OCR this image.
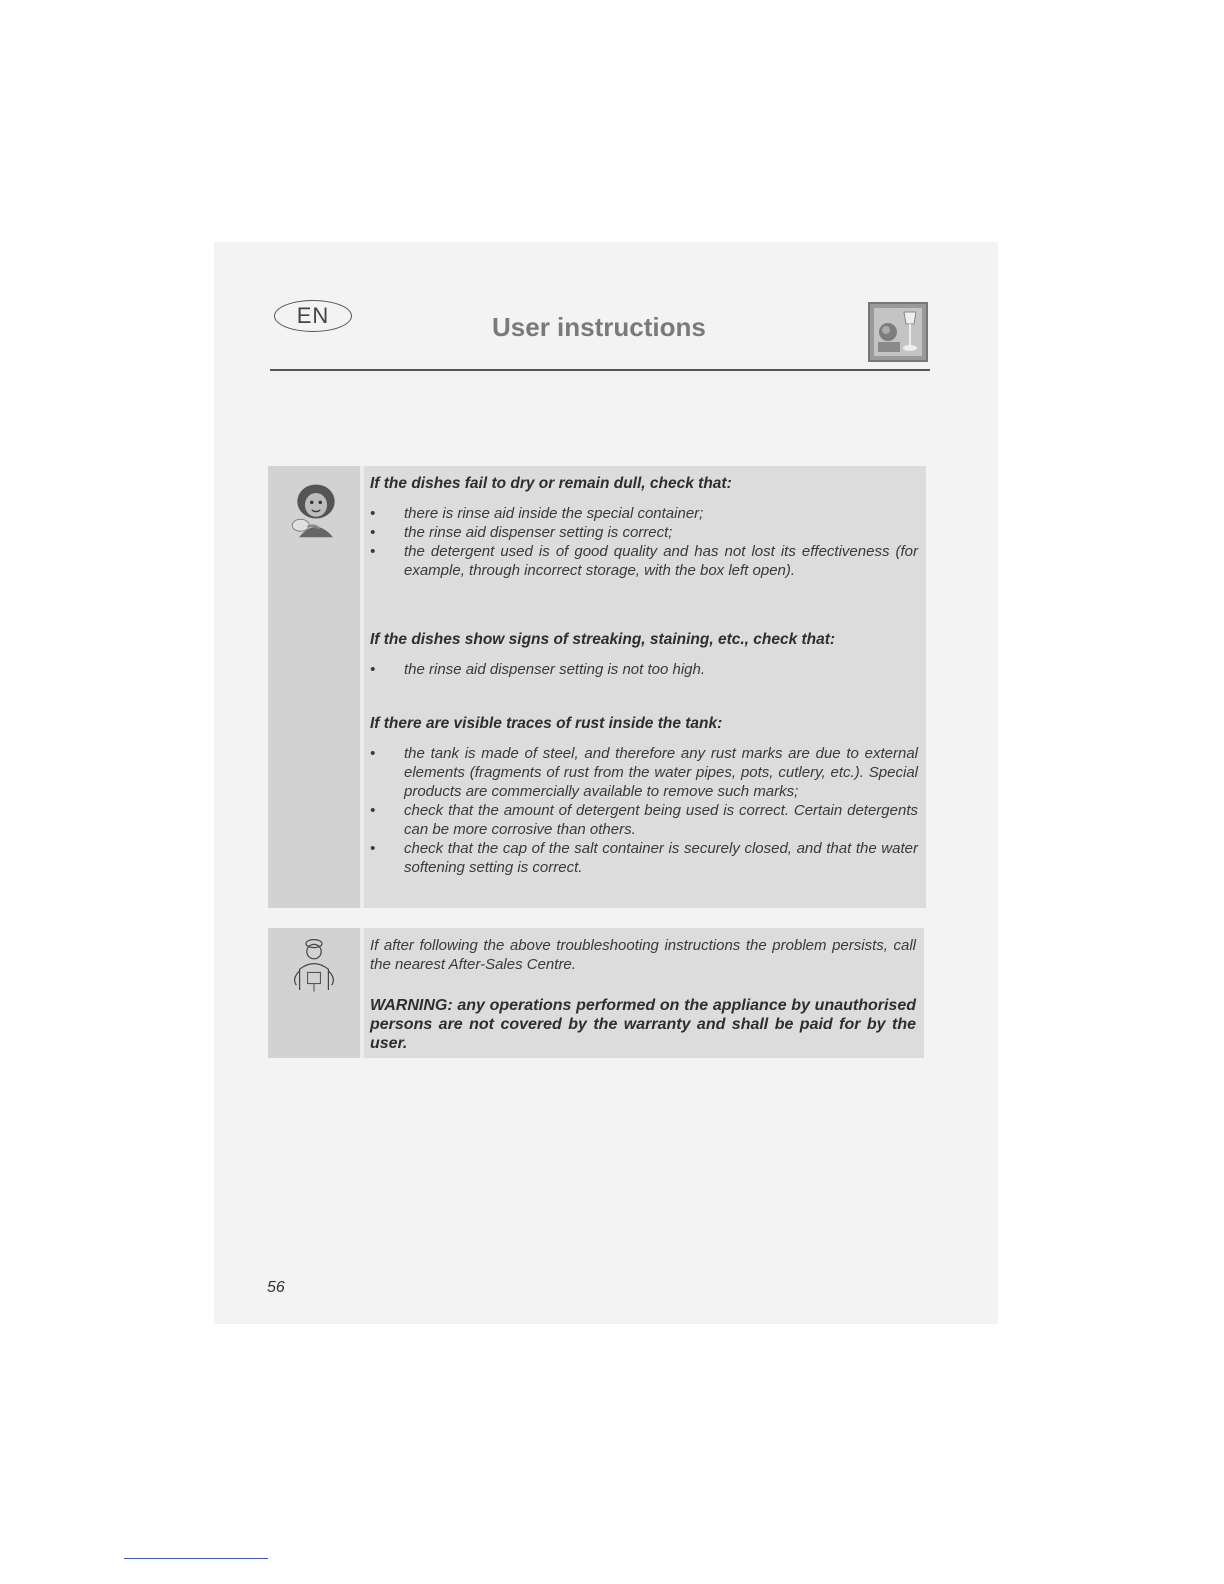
EN	User instructions

If the dishes fail to dry or remain dull, check that:

• there is rinse aid inside the special container;
• the rinse aid dispenser setting is correct;
• the detergent used is of good quality and has not lost its effectiveness (for example, through incorrect storage, with the box left open).

If the dishes show signs of streaking, staining, etc., check that:

• the rinse aid dispenser setting is not too high.

If there are visible traces of rust inside the tank:

• the tank is made of steel, and therefore any rust marks are due to external elements (fragments of rust from the water pipes, pots, cutlery, etc.). Special products are commercially available to remove such marks;
• check that the amount of detergent being used is correct. Certain detergents can be more corrosive than others.
• check that the cap of the salt container is securely closed, and that the water softening setting is correct.

If after following the above troubleshooting instructions the problem persists, call the nearest After-Sales Centre.

WARNING: any operations performed on the appliance by unauthorised persons are not covered by the warranty and shall be paid for by the user.

56
